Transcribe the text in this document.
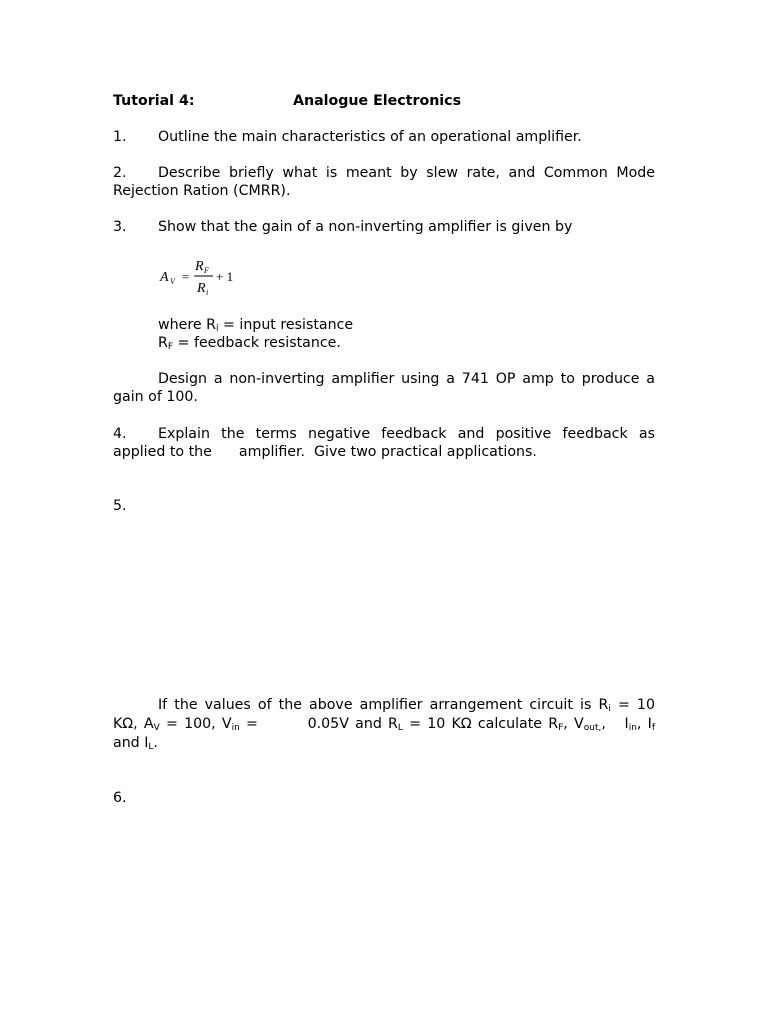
Tutorial 4:	Analogue Electronics
1. Outline the main characteristics of an operational amplifier.
2. Describe briefly what is meant by slew rate, and Common Mode
Rejection Ration (CMRR).
3. Show that the gain of a non-inverting amplifier is given by
A V =
R F
R i
+ 1
where $R_i$ = input resistance
$R_F$ = feedback resistance.
Design a non-inverting amplifier using a 741 OP amp to produce a
gain of 100.
4. Explain the terms negative feedback and positive feedback as
applied to the      amplifier.  Give two practical applications.
5.
If the values of the above amplifier arrangement circuit is $R_i = 10$
KΩ, $A_V = 100$, $V_{in}$ =        0.05V and $R_L = 10$ KΩ calculate $R_F$, $V_{out,}$,   $I_{in}$, $I_f$
and $I_L$.
6.
